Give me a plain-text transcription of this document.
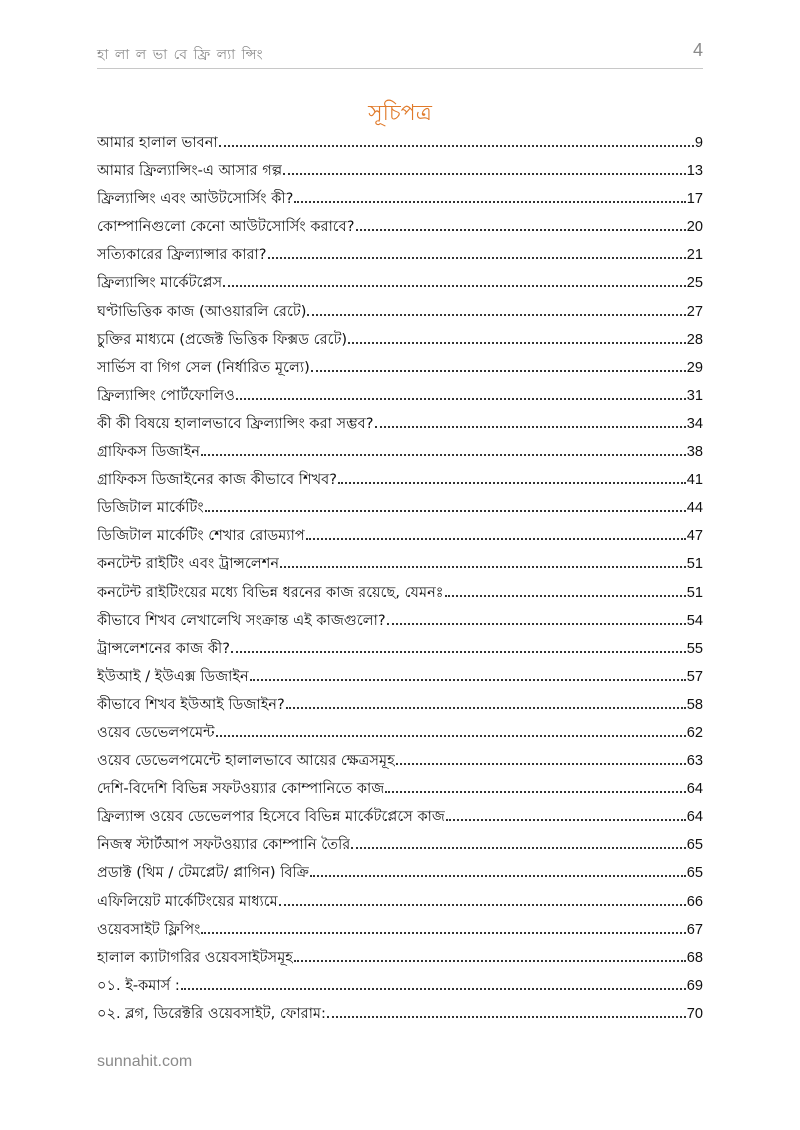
হা লা ল ভা বে ফ্রি ল্যা ন্সিং	4
সূচিপত্র
আমার হালাল ভাবনা	9
আমার ফ্রিল্যান্সিং-এ আসার গল্প	13
ফ্রিল্যান্সিং এবং আউটসোর্সিং কী?	17
কোম্পানিগুলো কেনো আউটসোর্সিং করাবে?	20
সত্যিকারের ফ্রিল্যান্সার কারা?	21
ফ্রিল্যান্সিং মার্কেটপ্লেস	25
ঘণ্টাভিত্তিক কাজ (আওয়ারলি রেটে)	27
চুক্তির মাধ্যমে (প্রজেক্ট ভিত্তিক ফিক্সড রেটে)	28
সার্ভিস বা গিগ সেল (নির্ধারিত মূল্যে)	29
ফ্রিল্যান্সিং পোর্টফোলিও	31
কী কী বিষয়ে হালালভাবে ফ্রিল্যান্সিং করা সম্ভব?	34
গ্রাফিকস ডিজাইন	38
গ্রাফিকস ডিজাইনের কাজ কীভাবে শিখব?	41
ডিজিটাল মার্কেটিং	44
ডিজিটাল মার্কেটিং শেখার রোডম্যাপ	47
কনটেন্ট রাইটিং এবং ট্রান্সলেশন	51
কনটেন্ট রাইটিংয়ের মধ্যে বিভিন্ন ধরনের কাজ রয়েছে, যেমনঃ	51
কীভাবে শিখব লেখালেখি সংক্রান্ত এই কাজগুলো?	54
ট্রান্সলেশনের কাজ কী?	55
ইউআই / ইউএক্স ডিজাইন	57
কীভাবে শিখব ইউআই ডিজাইন?	58
ওয়েব ডেভেলপমেন্ট	62
ওয়েব ডেভেলপমেন্টে হালালভাবে আয়ের ক্ষেত্রসমূহ	63
দেশি-বিদেশি বিভিন্ন সফটওয়্যার কোম্পানিতে কাজ	64
ফ্রিল্যান্স ওয়েব ডেভেলপার হিসেবে বিভিন্ন মার্কেটপ্লেসে কাজ	64
নিজস্ব স্টার্টআপ সফটওয়্যার কোম্পানি তৈরি	65
প্রডাক্ট (থিম / টেমপ্লেট/ প্লাগিন) বিক্রি	65
এফিলিয়েট মার্কেটিংয়ের মাধ্যমে	66
ওয়েবসাইট ফ্লিপিং	67
হালাল ক্যাটাগরির ওয়েবসাইটসমূহ	68
০১. ই-কমার্স :	69
০২. ব্লগ, ডিরেক্টরি ওয়েবসাইট, ফোরাম:	70
sunnahit.com
